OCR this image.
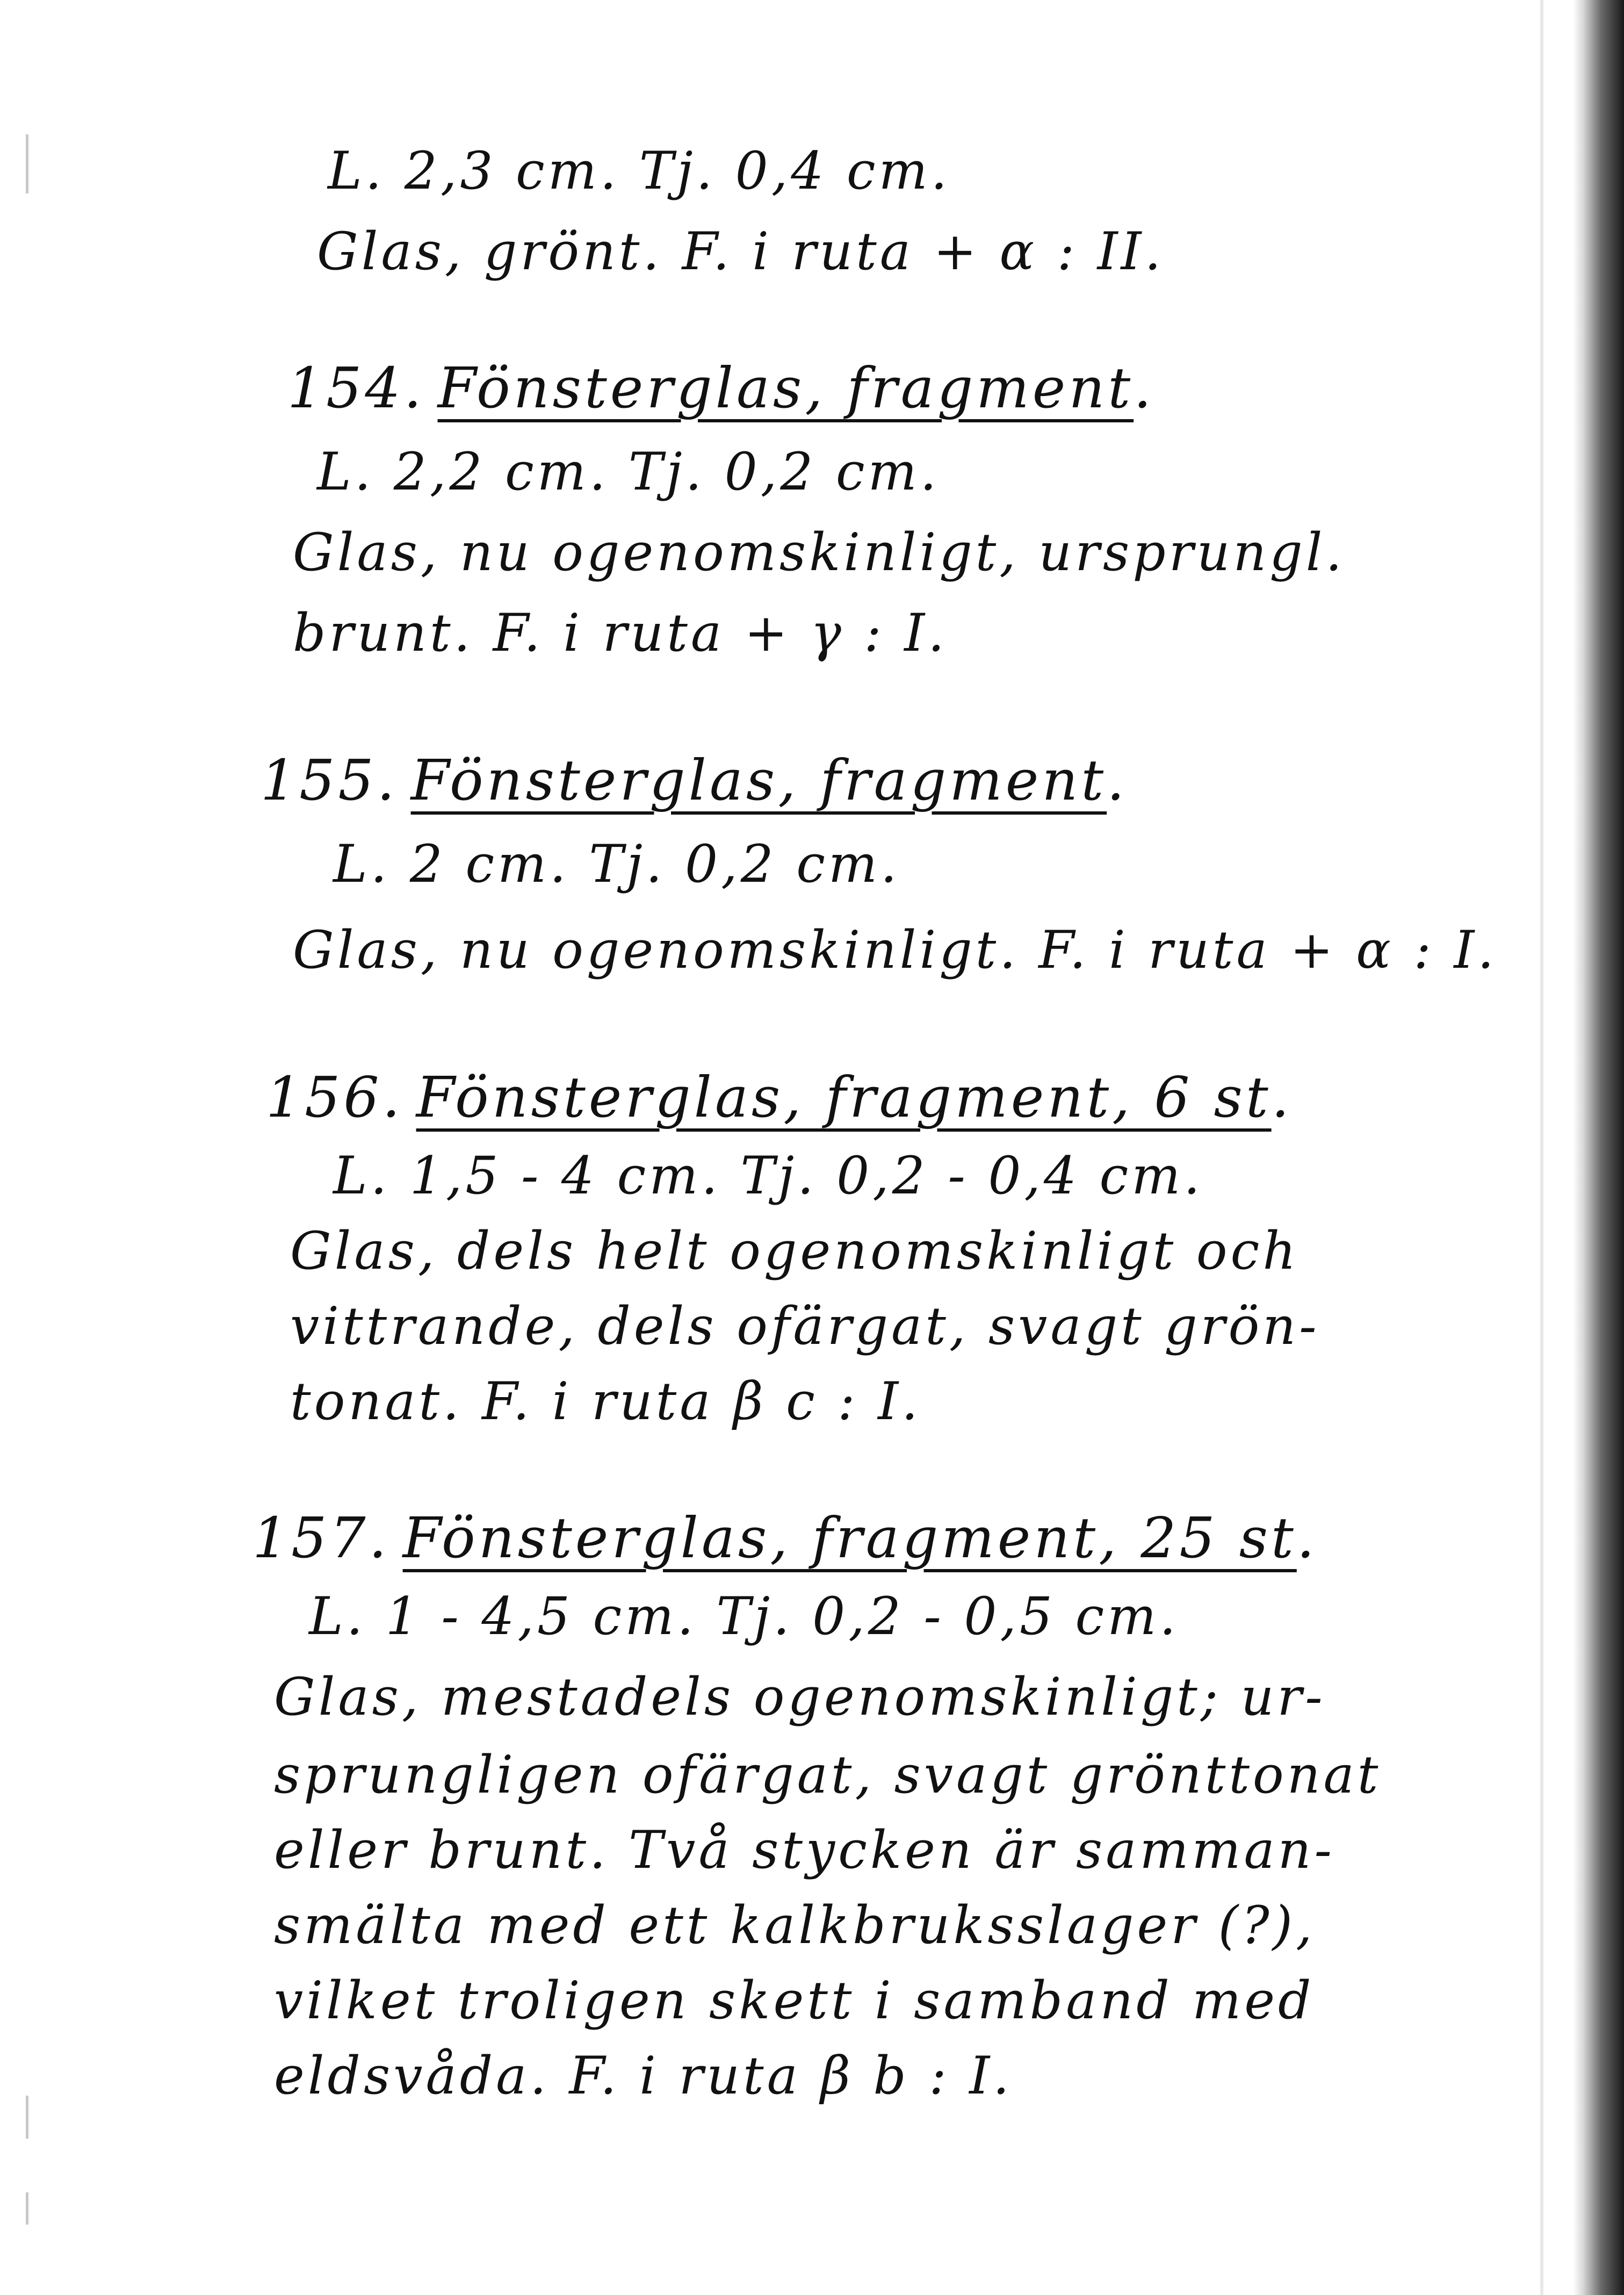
L. 2,3 cm. Tj. 0,4 cm.
Glas, grönt. F. i ruta + α : II.
154. Fönsterglas, fragment.
L. 2,2 cm. Tj. 0,2 cm.
Glas, nu ogenomskinligt, ursprungl.
brunt. F. i ruta + γ : I.
155. Fönsterglas, fragment.
L. 2 cm. Tj. 0,2 cm.
Glas, nu ogenomskinligt. F. i ruta + α : I.
156. Fönsterglas, fragment, 6 st.
L. 1,5 - 4 cm. Tj. 0,2 - 0,4 cm.
Glas, dels helt ogenomskinligt och
vittrande, dels ofärgat, svagt grön-
tonat. F. i ruta β c : I.
157. Fönsterglas, fragment, 25 st.
L. 1 - 4,5 cm. Tj. 0,2 - 0,5 cm.
Glas, mestadels ogenomskinligt; ur-
sprungligen ofärgat, svagt grönttonat
eller brunt. Två stycken är samman-
smälta med ett kalkbruksslager (?),
vilket troligen skett i samband med
eldsvåda. F. i ruta β b : I.
